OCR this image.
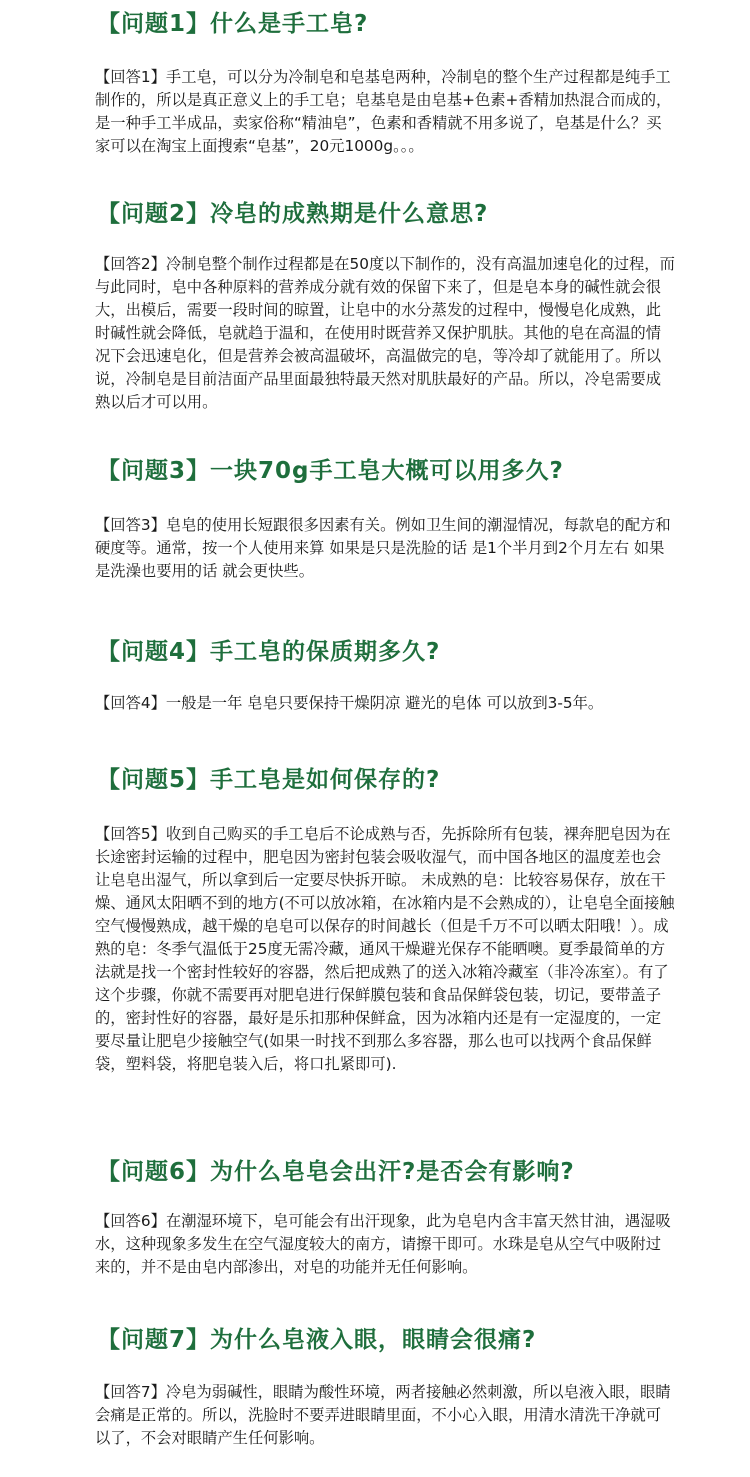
【问题1】什么是手工皂?

【回答1】手工皂，可以分为冷制皂和皂基皂两种，冷制皂的整个生产过程都是纯手工制作的，所以是真正意义上的手工皂；皂基皂是由皂基+色素+香精加热混合而成的，是一种手工半成品，卖家俗称“精油皂”，色素和香精就不用多说了，皂基是什么？买家可以在淘宝上面搜索“皂基”，20元1000g。。。

【问题2】冷皂的成熟期是什么意思?

【回答2】冷制皂整个制作过程都是在50度以下制作的，没有高温加速皂化的过程，而与此同时，皂中各种原料的营养成分就有效的保留下来了，但是皂本身的碱性就会很大，出模后，需要一段时间的晾置，让皂中的水分蒸发的过程中，慢慢皂化成熟，此时碱性就会降低，皂就趋于温和，在使用时既营养又保护肌肤。其他的皂在高温的情况下会迅速皂化，但是营养会被高温破坏，高温做完的皂，等冷却了就能用了。所以说，冷制皂是目前洁面产品里面最独特最天然对肌肤最好的产品。所以，冷皂需要成熟以后才可以用。

【问题3】一块70g手工皂大概可以用多久?

【回答3】皂皂的使用长短跟很多因素有关。例如卫生间的潮湿情况，每款皂的配方和硬度等。通常，按一个人使用来算 如果是只是洗脸的话 是1个半月到2个月左右 如果是洗澡也要用的话 就会更快些。

【问题4】手工皂的保质期多久?

【回答4】一般是一年 皂皂只要保持干燥阴凉 避光的皂体 可以放到3-5年。

【问题5】手工皂是如何保存的?

【回答5】收到自己购买的手工皂后不论成熟与否，先拆除所有包装，裸奔肥皂因为在长途密封运输的过程中，肥皂因为密封包装会吸收湿气，而中国各地区的温度差也会让皂皂出湿气，所以拿到后一定要尽快拆开晾。 未成熟的皂：比较容易保存，放在干燥、通风太阳晒不到的地方(不可以放冰箱，在冰箱内是不会熟成的），让皂皂全面接触空气慢慢熟成，越干燥的皂皂可以保存的时间越长（但是千万不可以晒太阳哦！）。成熟的皂：冬季气温低于25度无需冷藏，通风干燥避光保存不能晒噢。夏季最简单的方法就是找一个密封性较好的容器，然后把成熟了的送入冰箱冷藏室（非冷冻室）。有了这个步骤，你就不需要再对肥皂进行保鲜膜包装和食品保鲜袋包装，切记，要带盖子的，密封性好的容器，最好是乐扣那种保鲜盒，因为冰箱内还是有一定湿度的，一定要尽量让肥皂少接触空气(如果一时找不到那么多容器，那么也可以找两个食品保鲜袋，塑料袋，将肥皂装入后，将口扎紧即可).

【问题6】为什么皂皂会出汗?是否会有影响?

【回答6】在潮湿环境下，皂可能会有出汗现象，此为皂皂内含丰富天然甘油，遇湿吸水，这种现象多发生在空气湿度较大的南方，请擦干即可。水珠是皂从空气中吸附过来的，并不是由皂内部渗出，对皂的功能并无任何影响。

【问题7】为什么皂液入眼，眼睛会很痛?

【回答7】冷皂为弱碱性，眼睛为酸性环境，两者接触必然刺激，所以皂液入眼，眼睛会痛是正常的。所以，洗脸时不要弄进眼睛里面，不小心入眼，用清水清洗干净就可以了，不会对眼睛产生任何影响。
